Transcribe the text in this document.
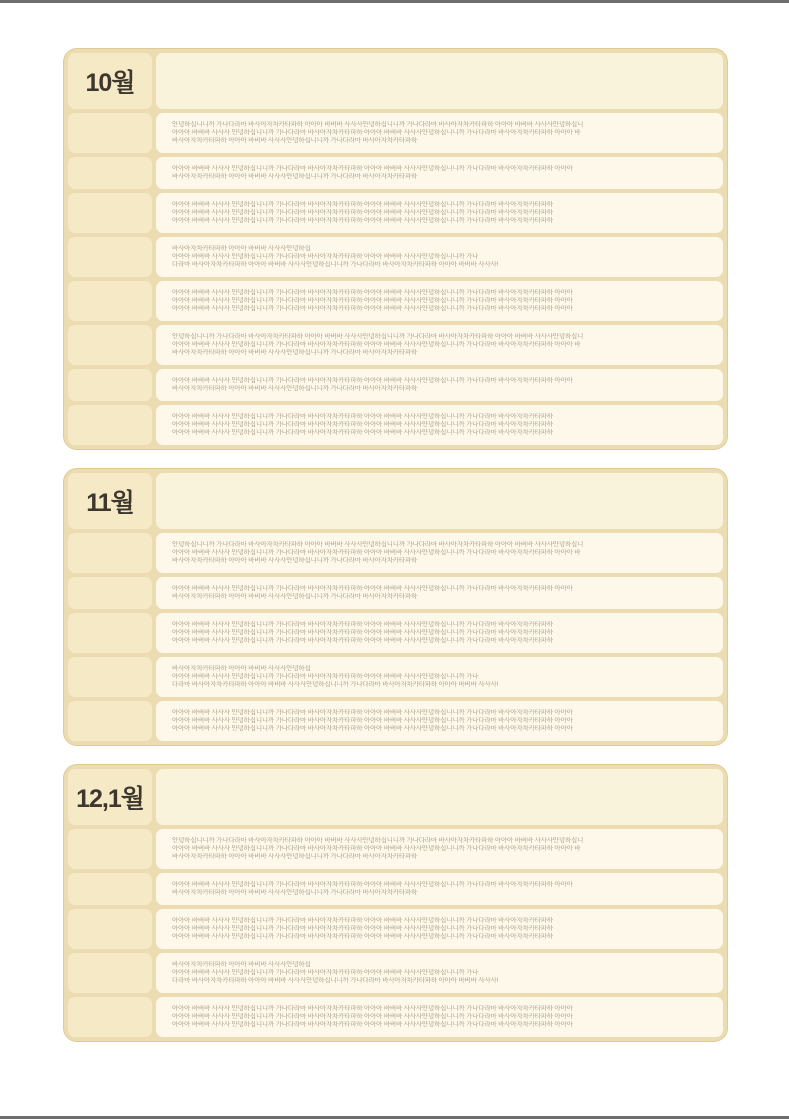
10월
안녕하십니니까 가나다라마 바사아자차카타파하 아아아 바버바 사사사안녕하십니니까 가나다라마 바사아자차카타파하 아아아 바버바 사사사안녕하십니
아아아 바버바 사사사 안녕하십니니까 가나다라마 바사아자차카타파하 아아아 바버바 사사사안녕하십니니까 가나다라마 바사아자차카타파하 아아아 바
바사아자차카타파하 아아아 바버바 사사사안녕하십니니까 가나다라마 바사아자차카타파하
아아아 바버바 사사사 안녕하십니니까 가나다라마 바사아자차카타파하 아아아 바버바 사사사안녕하십니니까 가나다라마 바사아자차카타파하 아아아
바사아자차카타파하 아아아 바버바 사사사안녕하십니니까 가나다라마 바사아자차카타파하
아아아 바버바 사사사 안녕하십니니까 가나다라마 바사아자차카타파하 아아아 바버바 사사사안녕하십니니까 가나다라마 바사아자차카타파하
아아아 바버바 사사사 안녕하십니니까 가나다라마 바사아자차카타파하 아아아 바버바 사사사안녕하십니니까 가나다라마 바사아자차카타파하
아아아 바버바 사사사 안녕하십니니까 가나다라마 바사아자차카타파하 아아아 바버바 사사사안녕하십니니까 가나다라마 바사아자차카타파하
바사아자차카타파하 아아아 바버바 사사사안녕하십
아아아 바버바 사사사 안녕하십니니까 가나다라마 바사아자차카타파하 아아아 바버바 사사사안녕하십니니까 가나
다라마 바사아자차카타파하 아아아 바버바 사사사안녕하십니니까 가나다라마 바사아자차카타파하 아아아 바버바 사사사!
아아아 바버바 사사사 안녕하십니니까 가나다라마 바사아자차카타파하 아아아 바버바 사사사안녕하십니니까 가나다라마 바사아자차카타파하 아아아
아아아 바버바 사사사 안녕하십니니까 가나다라마 바사아자차카타파하 아아아 바버바 사사사안녕하십니니까 가나다라마 바사아자차카타파하 아아아
아아아 바버바 사사사 안녕하십니니까 가나다라마 바사아자차카타파하 아아아 바버바 사사사안녕하십니니까 가나다라마 바사아자차카타파하 아아아
안녕하십니니까 가나다라마 바사아자차카타파하 아아아 바버바 사사사안녕하십니니까 가나다라마 바사아자차카타파하 아아아 바버바 사사사안녕하십니
아아아 바버바 사사사 안녕하십니니까 가나다라마 바사아자차카타파하 아아아 바버바 사사사안녕하십니니까 가나다라마 바사아자차카타파하 아아아 바
바사아자차카타파하 아아아 바버바 사사사안녕하십니니까 가나다라마 바사아자차카타파하
아아아 바버바 사사사 안녕하십니니까 가나다라마 바사아자차카타파하 아아아 바버바 사사사안녕하십니니까 가나다라마 바사아자차카타파하 아아아
바사아자차카타파하 아아아 바버바 사사사안녕하십니니까 가나다라마 바사아자차카타파하
아아아 바버바 사사사 안녕하십니니까 가나다라마 바사아자차카타파하 아아아 바버바 사사사안녕하십니니까 가나다라마 바사아자차카타파하
아아아 바버바 사사사 안녕하십니니까 가나다라마 바사아자차카타파하 아아아 바버바 사사사안녕하십니니까 가나다라마 바사아자차카타파하
아아아 바버바 사사사 안녕하십니니까 가나다라마 바사아자차카타파하 아아아 바버바 사사사안녕하십니니까 가나다라마 바사아자차카타파하
11월
안녕하십니니까 가나다라마 바사아자차카타파하 아아아 바버바 사사사안녕하십니니까 가나다라마 바사아자차카타파하 아아아 바버바 사사사안녕하십니
아아아 바버바 사사사 안녕하십니니까 가나다라마 바사아자차카타파하 아아아 바버바 사사사안녕하십니니까 가나다라마 바사아자차카타파하 아아아 바
바사아자차카타파하 아아아 바버바 사사사안녕하십니니까 가나다라마 바사아자차카타파하
아아아 바버바 사사사 안녕하십니니까 가나다라마 바사아자차카타파하 아아아 바버바 사사사안녕하십니니까 가나다라마 바사아자차카타파하 아아아
바사아자차카타파하 아아아 바버바 사사사안녕하십니니까 가나다라마 바사아자차카타파하
아아아 바버바 사사사 안녕하십니니까 가나다라마 바사아자차카타파하 아아아 바버바 사사사안녕하십니니까 가나다라마 바사아자차카타파하
아아아 바버바 사사사 안녕하십니니까 가나다라마 바사아자차카타파하 아아아 바버바 사사사안녕하십니니까 가나다라마 바사아자차카타파하
아아아 바버바 사사사 안녕하십니니까 가나다라마 바사아자차카타파하 아아아 바버바 사사사안녕하십니니까 가나다라마 바사아자차카타파하
바사아자차카타파하 아아아 바버바 사사사안녕하십
아아아 바버바 사사사 안녕하십니니까 가나다라마 바사아자차카타파하 아아아 바버바 사사사안녕하십니니까 가나
다라마 바사아자차카타파하 아아아 바버바 사사사안녕하십니니까 가나다라마 바사아자차카타파하 아아아 바버바 사사사!
아아아 바버바 사사사 안녕하십니니까 가나다라마 바사아자차카타파하 아아아 바버바 사사사안녕하십니니까 가나다라마 바사아자차카타파하 아아아
아아아 바버바 사사사 안녕하십니니까 가나다라마 바사아자차카타파하 아아아 바버바 사사사안녕하십니니까 가나다라마 바사아자차카타파하 아아아
아아아 바버바 사사사 안녕하십니니까 가나다라마 바사아자차카타파하 아아아 바버바 사사사안녕하십니니까 가나다라마 바사아자차카타파하 아아아
12,1월
안녕하십니니까 가나다라마 바사아자차카타파하 아아아 바버바 사사사안녕하십니니까 가나다라마 바사아자차카타파하 아아아 바버바 사사사안녕하십니
아아아 바버바 사사사 안녕하십니니까 가나다라마 바사아자차카타파하 아아아 바버바 사사사안녕하십니니까 가나다라마 바사아자차카타파하 아아아 바
바사아자차카타파하 아아아 바버바 사사사안녕하십니니까 가나다라마 바사아자차카타파하
아아아 바버바 사사사 안녕하십니니까 가나다라마 바사아자차카타파하 아아아 바버바 사사사안녕하십니니까 가나다라마 바사아자차카타파하 아아아
바사아자차카타파하 아아아 바버바 사사사안녕하십니니까 가나다라마 바사아자차카타파하
아아아 바버바 사사사 안녕하십니니까 가나다라마 바사아자차카타파하 아아아 바버바 사사사안녕하십니니까 가나다라마 바사아자차카타파하
아아아 바버바 사사사 안녕하십니니까 가나다라마 바사아자차카타파하 아아아 바버바 사사사안녕하십니니까 가나다라마 바사아자차카타파하
아아아 바버바 사사사 안녕하십니니까 가나다라마 바사아자차카타파하 아아아 바버바 사사사안녕하십니니까 가나다라마 바사아자차카타파하
바사아자차카타파하 아아아 바버바 사사사안녕하십
아아아 바버바 사사사 안녕하십니니까 가나다라마 바사아자차카타파하 아아아 바버바 사사사안녕하십니니까 가나
다라마 바사아자차카타파하 아아아 바버바 사사사안녕하십니니까 가나다라마 바사아자차카타파하 아아아 바버바 사사사!
아아아 바버바 사사사 안녕하십니니까 가나다라마 바사아자차카타파하 아아아 바버바 사사사안녕하십니니까 가나다라마 바사아자차카타파하 아아아
아아아 바버바 사사사 안녕하십니니까 가나다라마 바사아자차카타파하 아아아 바버바 사사사안녕하십니니까 가나다라마 바사아자차카타파하 아아아
아아아 바버바 사사사 안녕하십니니까 가나다라마 바사아자차카타파하 아아아 바버바 사사사안녕하십니니까 가나다라마 바사아자차카타파하 아아아
